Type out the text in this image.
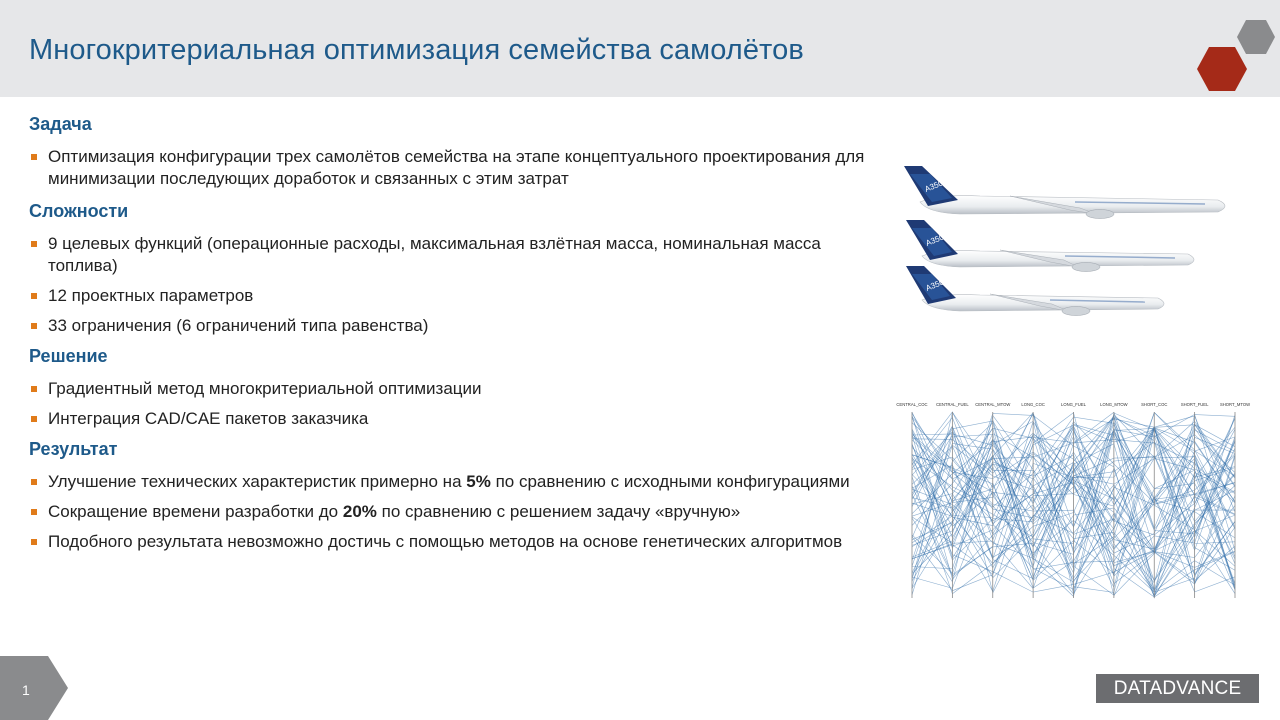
Многокритериальная оптимизация семейства самолётов

Задача

Оптимизация конфигурации трех самолётов семейства на этапе концептуального проектирования для минимизации последующих доработок и связанных с этим затрат

Сложности

9 целевых функций (операционные расходы, максимальная взлётная масса, номинальная масса топлива)
12 проектных параметров
33 ограничения (6 ограничений типа равенства)

Решение

Градиентный метод многокритериальной оптимизации
Интеграция CAD/CAE пакетов заказчика

Результат

Улучшение технических характеристик примерно на 5% по сравнению с исходными конфигурациями
Сокращение времени разработки до 20% по сравнению с решением задачу «вручную»
Подобного результата невозможно достичь с помощью методов на основе генетических алгоритмов
A350
A350
A350
CENTRAL_COC CENTRAL_FUEL CENTRAL_MTOW	LONG_COC	LONG_FUEL	LONG_MTOW	SHORT_COC	SHORT_FUEL	SHORT_MTOW
1	DATADVANCE
